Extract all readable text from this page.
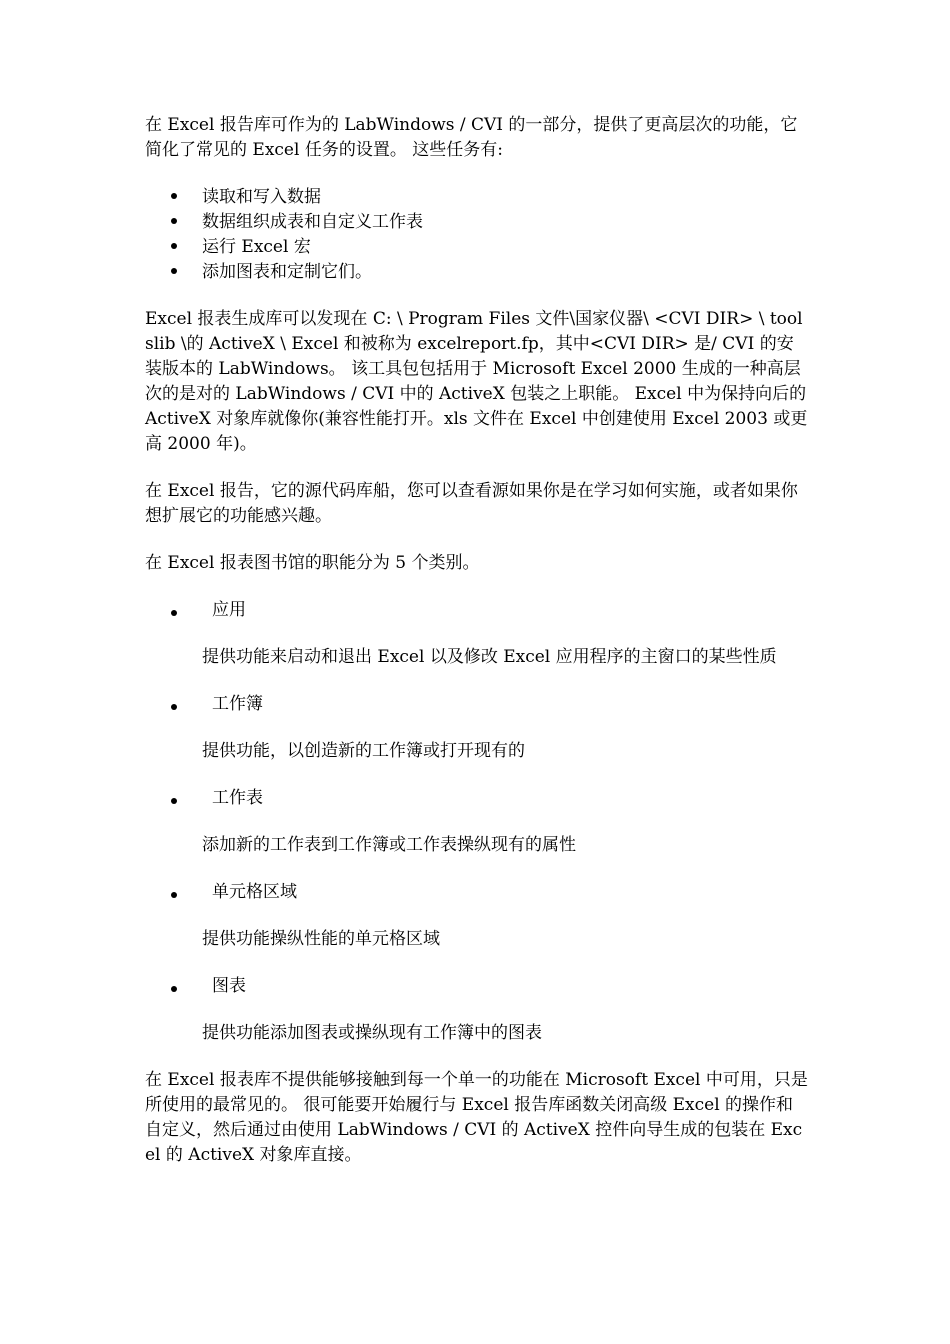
在 Excel 报告库可作为的 LabWindows / CVI 的一部分，提供了更高层次的功能，它简化了常见的 Excel 任务的设置。 这些任务有:

读取和写入数据
数据组织成表和自定义工作表
运行 Excel 宏
添加图表和定制它们。

Excel 报表生成库可以发现在 C: \ Program Files 文件\国家仪器\ <CVI DIR> \ toolslib \的 ActiveX \ Excel 和被称为 excelreport.fp，其中<CVI DIR> 是/ CVI 的安装版本的 LabWindows。 该工具包包括用于 Microsoft Excel 2000 生成的一种高层次的是对的 LabWindows / CVI 中的 ActiveX 包装之上职能。 Excel 中为保持向后的 ActiveX 对象库就像你(兼容性能打开。xls 文件在 Excel 中创建使用 Excel 2003 或更高 2000 年)。

在 Excel 报告，它的源代码库船，您可以查看源如果你是在学习如何实施，或者如果你想扩展它的功能感兴趣。

在 Excel 报表图书馆的职能分为 5 个类别。

应用

提供功能来启动和退出 Excel 以及修改 Excel 应用程序的主窗口的某些性质

工作簿

提供功能，以创造新的工作簿或打开现有的

工作表

添加新的工作表到工作簿或工作表操纵现有的属性

单元格区域

提供功能操纵性能的单元格区域

图表

提供功能添加图表或操纵现有工作簿中的图表

在 Excel 报表库不提供能够接触到每一个单一的功能在 Microsoft Excel 中可用，只是所使用的最常见的。 很可能要开始履行与 Excel 报告库函数关闭高级 Excel 的操作和自定义，然后通过由使用 LabWindows / CVI 的 ActiveX 控件向导生成的包装在 Excel 的 ActiveX 对象库直接。
